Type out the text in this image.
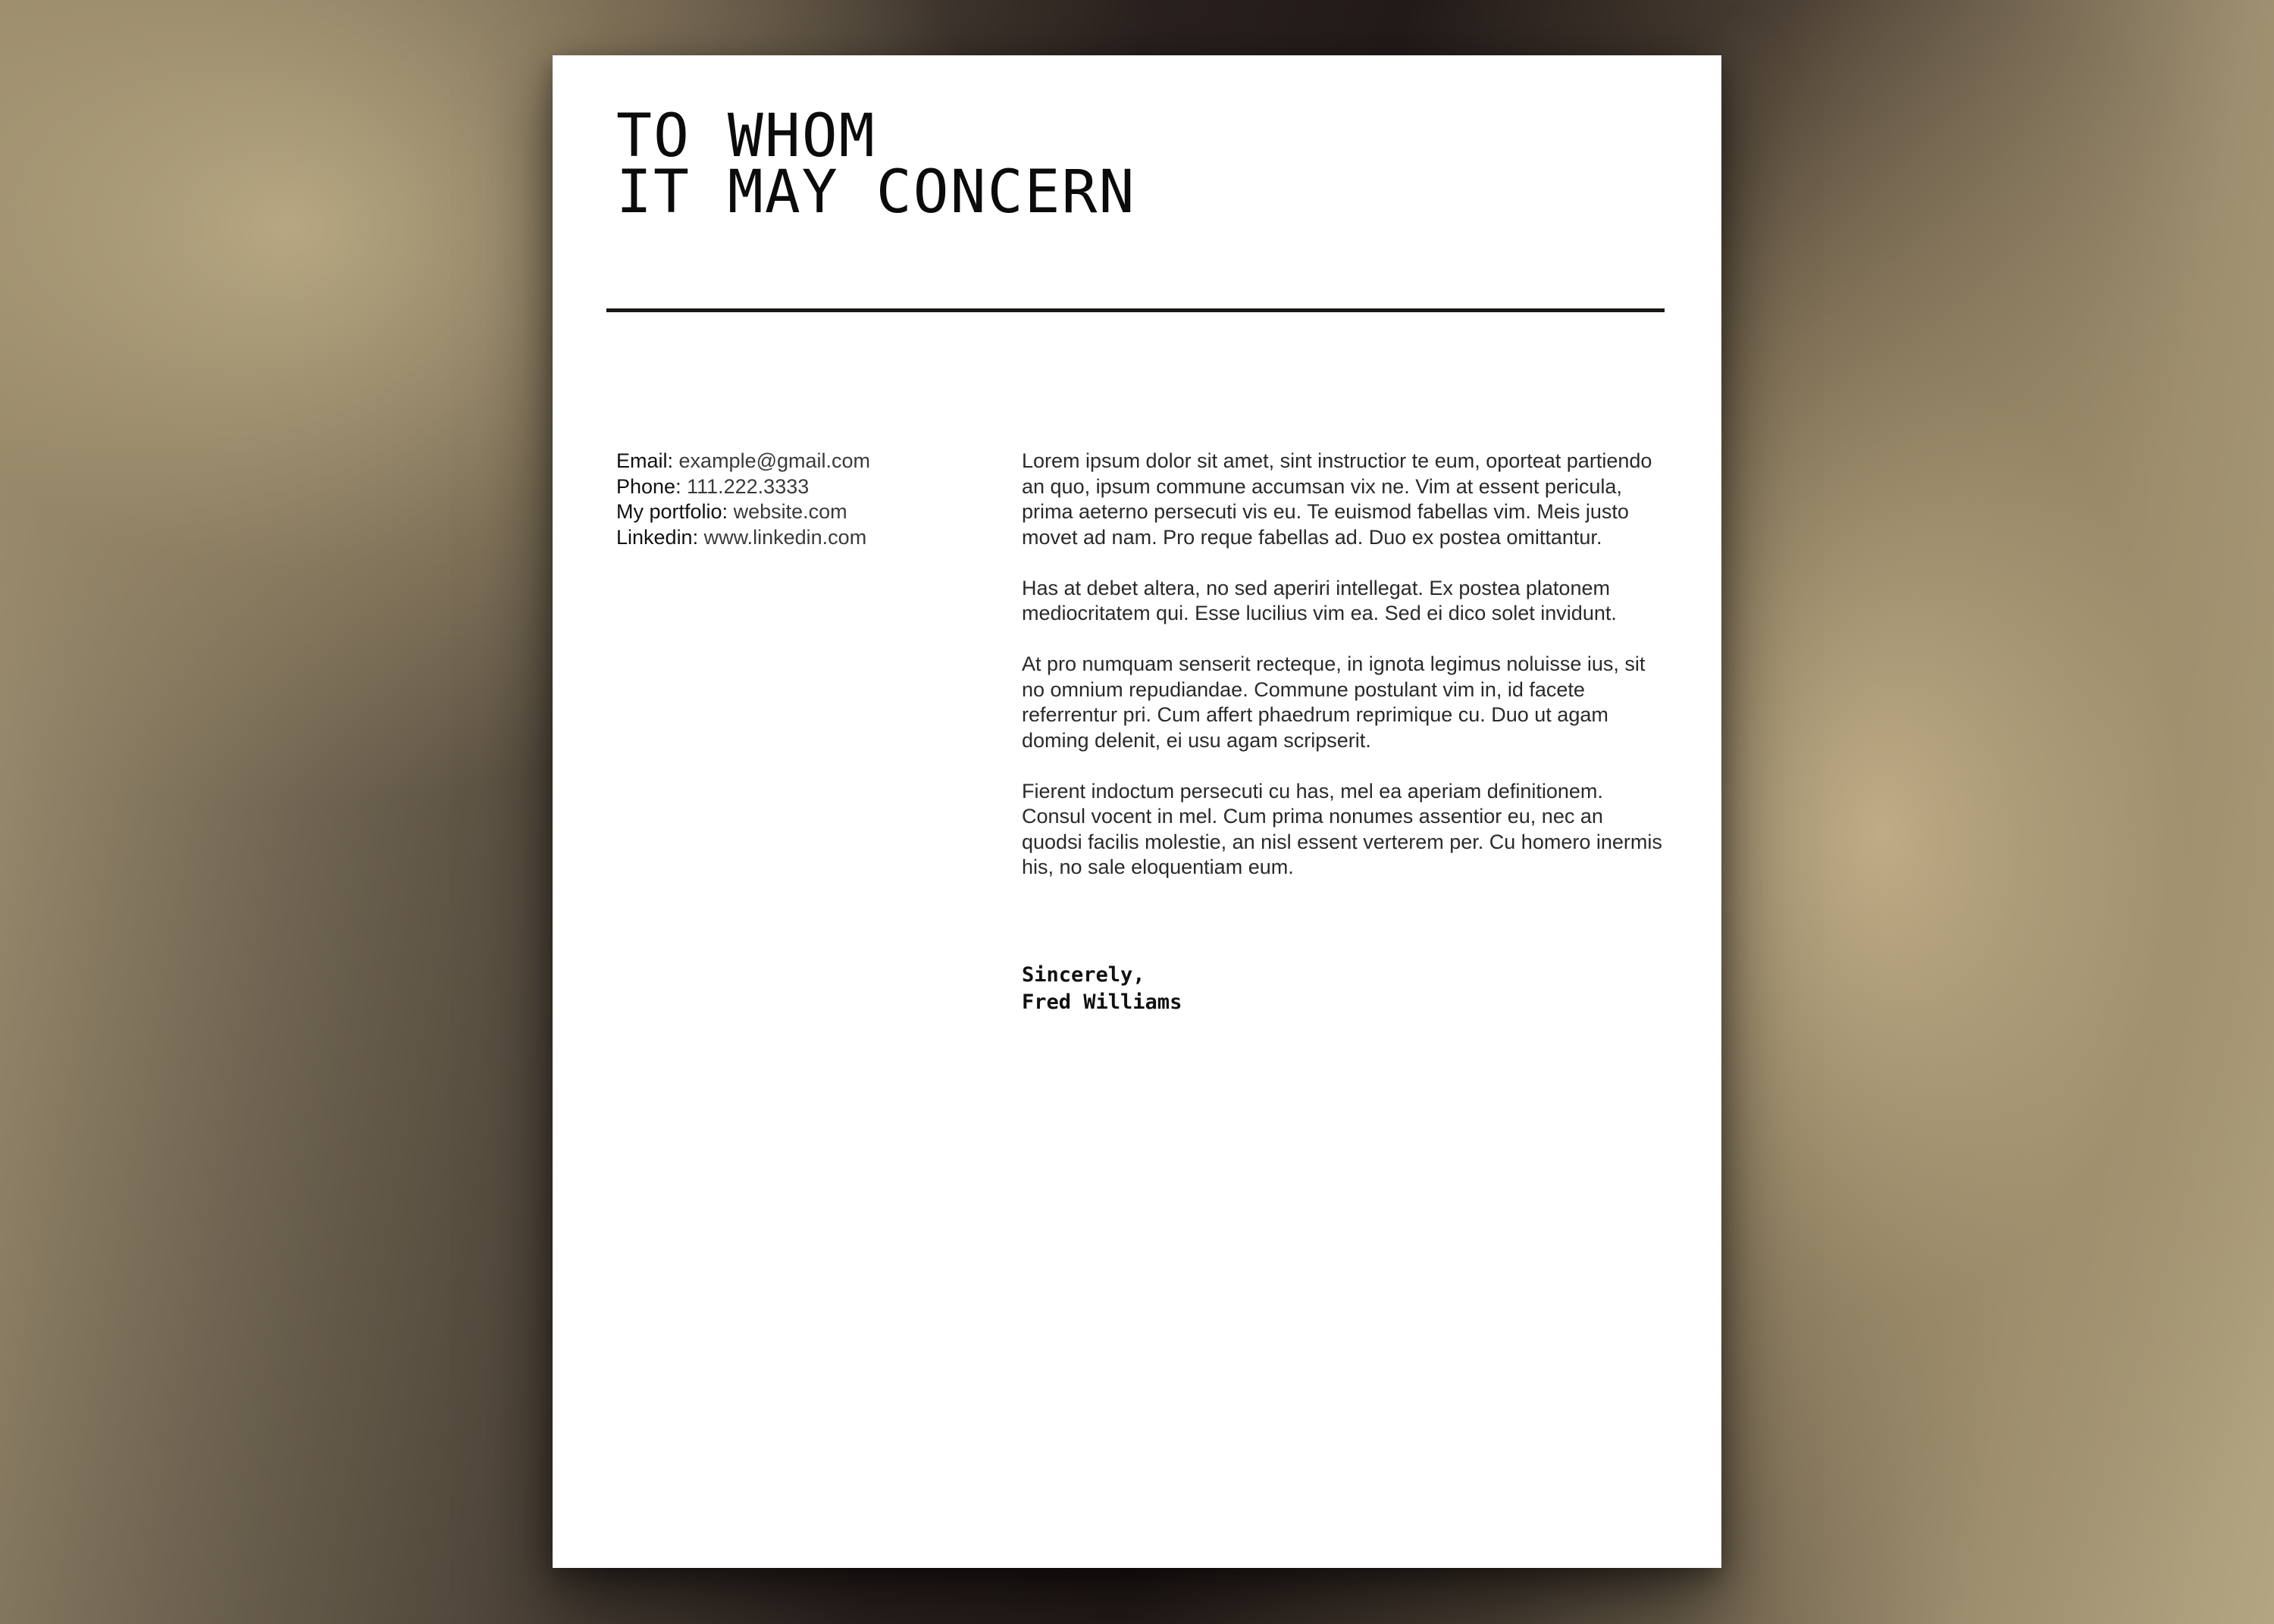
TO WHOM
IT MAY CONCERN
Email: example@gmail.com
Phone: 111.222.3333
My portfolio: website.com
Linkedin: www.linkedin.com

Lorem ipsum dolor sit amet, sint instructior te eum, oporteat partiendo an quo, ipsum commune accumsan vix ne. Vim at essent pericula, prima aeterno persecuti vis eu. Te euismod fabellas vim. Meis justo movet ad nam. Pro reque fabellas ad. Duo ex postea omittantur.

Has at debet altera, no sed aperiri intellegat. Ex postea platonem mediocritatem qui. Esse lucilius vim ea. Sed ei dico solet invidunt.

At pro numquam senserit recteque, in ignota legimus noluisse ius, sit no omnium repudiandae. Commune postulant vim in, id facete referrentur pri. Cum affert phaedrum reprimique cu. Duo ut agam doming delenit, ei usu agam scripserit.

Fierent indoctum persecuti cu has, mel ea aperiam definitionem. Consul vocent in mel. Cum prima nonumes assentior eu, nec an quodsi facilis molestie, an nisl essent verterem per. Cu homero inermis his, no sale eloquentiam eum.

Sincerely,
Fred Williams
